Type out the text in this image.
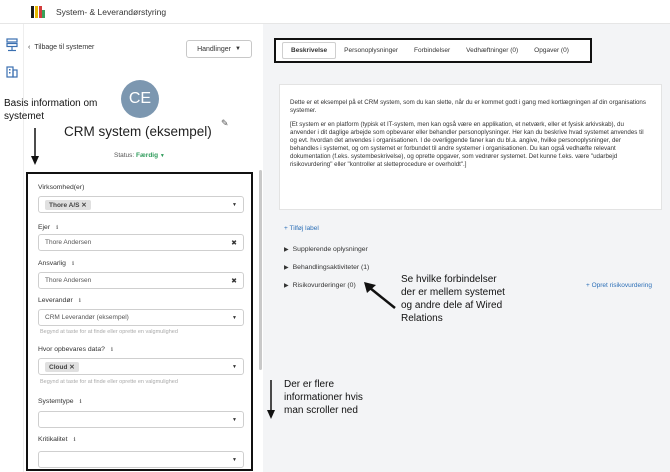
System- & Leverandørstyring
‹ Tilbage til systemer	Handlinger ▼
CE
CRM system (eksempel)
✎
Status: Færdig ▼
Basis information om systemet
Virksomhed(er)
Thore A/S ✕	▼
Ejer ℹ
Thore Andersen	✖
Ansvarlig ℹ
Thore Andersen	✖
Leverandør ℹ
CRM Leverandør (eksempel)	▼
Begynd at taste for at finde eller oprette en valgmulighed
Hvor opbevares data? ℹ
Cloud ✕	▼
Begynd at taste for at finde eller oprette en valgmulighed
Systemtype ℹ
▼
Kritikalitet ℹ
▼
Beskrivelse	Personoplysninger	Forbindelser	Vedhæftninger (0)	Opgaver (0)

Dette er et eksempel på et CRM system, som du kan slette, når du er kommet godt i gang med kortlægningen af din organisations systemer.

[Et system er en platform (typisk et IT-system, men kan også være en applikation, et netværk, eller et fysisk arkivskab), du anvender i dit daglige arbejde som opbevarer eller behandler personoplysninger. Her kan du beskrive hvad systemet anvendes til og evt. hvordan det anvendes i organisationen. I de overliggende faner kan du bl.a. angive, hvilke personoplysninger, der behandles i systemet, og om systemet er forbundet til andre systemer i organisationen. Du kan også vedhæfte relevant dokumentation (f.eks. systembeskrivelse), og oprette opgaver, som vedrører systemet. Det kunne f.eks. være "udarbejd risikovurdering" eller "kontroller at sletteprocedure er overholdt".]

+ Tilføj label
▶ Supplerende oplysninger
▶ Behandlingsaktiviteter (1)
▶ Risikovurderinger (0)	+ Opret risikovurdering
Se hvilke forbindelser der er mellem systemet og andre dele af Wired Relations
Der er flere informationer hvis man scroller ned
